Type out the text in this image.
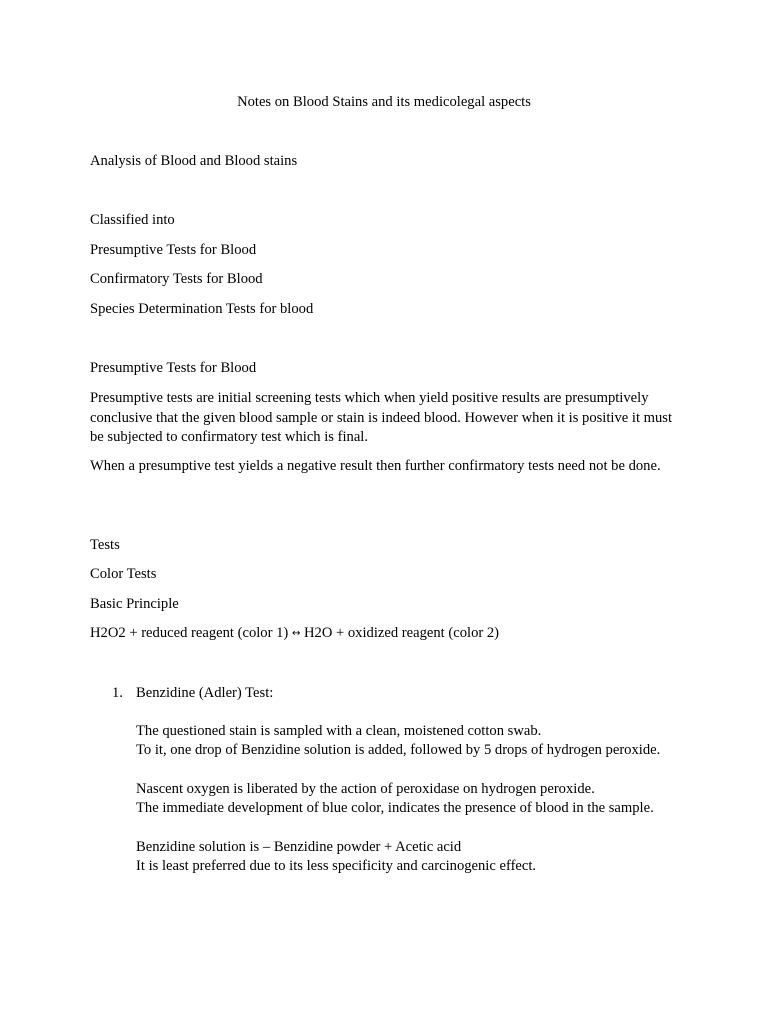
Notes on Blood Stains and its medicolegal aspects

Analysis of Blood and Blood stains

Classified into

Presumptive Tests for Blood

Confirmatory Tests for Blood

Species Determination Tests for blood

Presumptive Tests for Blood

Presumptive tests are initial screening tests which when yield positive results are presumptively conclusive that the given blood sample or stain is indeed blood. However when it is positive it must be subjected to confirmatory test which is final.

When a presumptive test yields a negative result then further confirmatory tests need not be done.

Tests

Color Tests

Basic Principle

H2O2 + reduced reagent (color 1) ↔ H2O + oxidized reagent (color 2)

1. Benzidine (Adler) Test:

The questioned stain is sampled with a clean, moistened cotton swab.

To it, one drop of Benzidine solution is added, followed by 5 drops of hydrogen peroxide.

Nascent oxygen is liberated by the action of peroxidase on hydrogen peroxide.

The immediate development of blue color, indicates the presence of blood in the sample.

Benzidine solution is – Benzidine powder + Acetic acid

It is least preferred due to its less specificity and carcinogenic effect.
